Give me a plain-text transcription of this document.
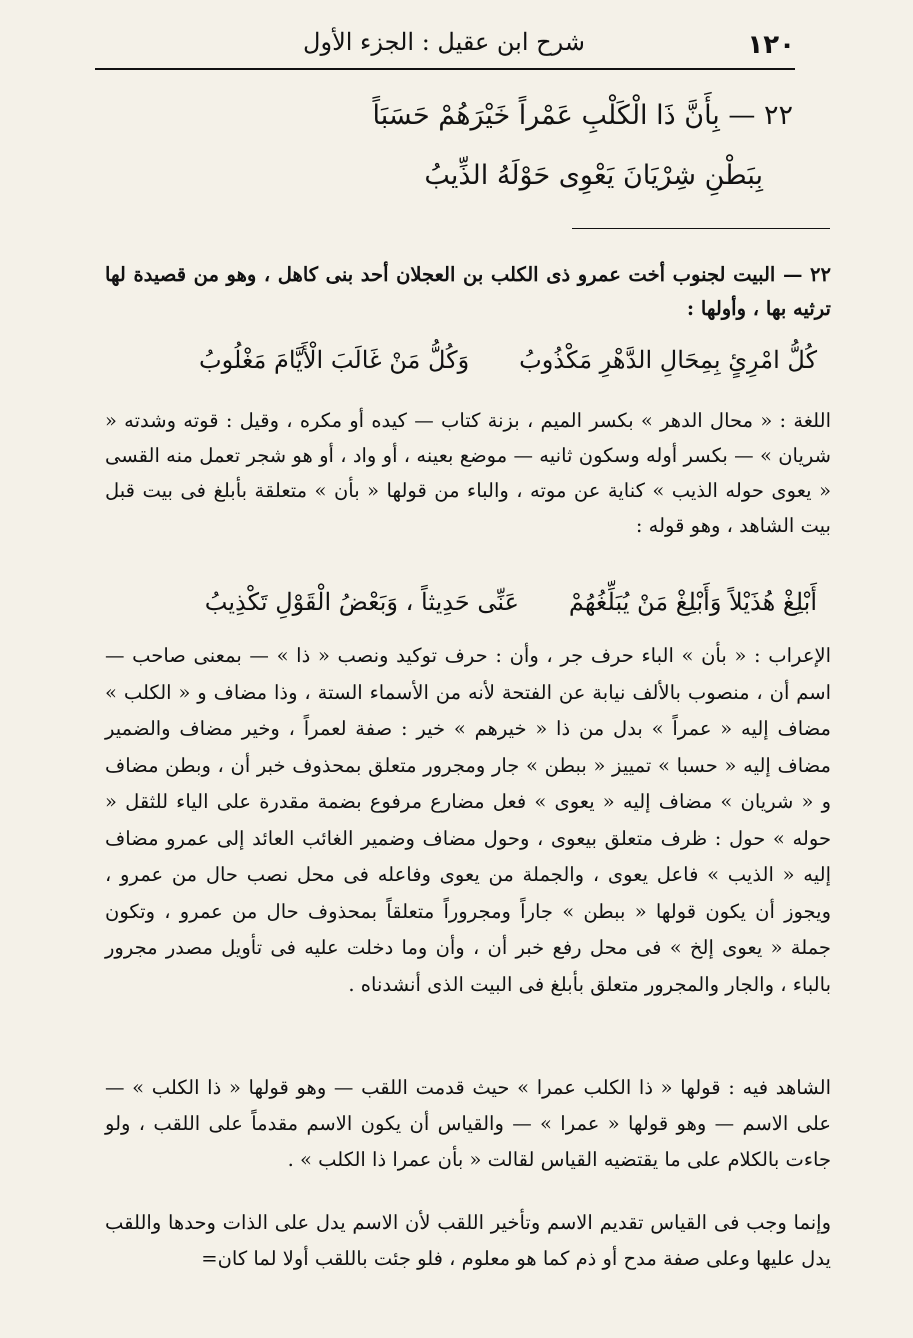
١٢٠
شرح ابن عقيل : الجزء الأول
٢٢ — بِأَنَّ ذَا الْكَلْبِ عَمْراً خَيْرَهُمْ حَسَبَاً
بِبَطْنِ شِرْيَانَ يَعْوِى حَوْلَهُ الذِّيبُ
٢٢ — البيت لجنوب أخت عمرو ذى الكلب بن العجلان أحد بنى كاهل ، وهو من قصيدة لها ترثيه بها ، وأولها :
كُلُّ امْرِئٍ بِمِحَالِ الدَّهْرِ مَكْذُوبُوَكُلُّ مَنْ غَالَبَ الْأَيَّامَ مَغْلُوبُ
اللغة : « محال الدهر » بكسر الميم ، بزنة كتاب — كيده أو مكره ، وقيل : قوته وشدته « شريان » — بكسر أوله وسكون ثانيه — موضع بعينه ، أو واد ، أو هو شجر تعمل منه القسى « يعوى حوله الذيب » كناية عن موته ، والباء من قولها « بأن » متعلقة بأبلغ فى بيت قبل بيت الشاهد ، وهو قوله :
أَبْلِغْ هُذَيْلاً وَأَبْلِغْ مَنْ يُبَلِّغُهُمْعَنِّى حَدِيثاً ، وَبَعْضُ الْقَوْلِ تَكْذِيبُ
الإعراب : « بأن » الباء حرف جر ، وأن : حرف توكيد ونصب « ذا » — بمعنى صاحب — اسم أن ، منصوب بالألف نيابة عن الفتحة لأنه من الأسماء الستة ، وذا مضاف و « الكلب » مضاف إليه « عمراً » بدل من ذا « خيرهم » خير : صفة لعمراً ، وخير مضاف والضمير مضاف إليه « حسبا » تمييز « ببطن » جار ومجرور متعلق بمحذوف خبر أن ، وبطن مضاف و « شريان » مضاف إليه « يعوى » فعل مضارع مرفوع بضمة مقدرة على الياء للثقل « حوله » حول : ظرف متعلق بيعوى ، وحول مضاف وضمير الغائب العائد إلى عمرو مضاف إليه « الذيب » فاعل يعوى ، والجملة من يعوى وفاعله فى محل نصب حال من عمرو ، ويجوز أن يكون قولها « ببطن » جاراً ومجروراً متعلقاً بمحذوف حال من عمرو ، وتكون جملة « يعوى إلخ » فى محل رفع خبر أن ، وأن وما دخلت عليه فى تأويل مصدر مجرور بالباء ، والجار والمجرور متعلق بأبلغ فى البيت الذى أنشدناه .
الشاهد فيه : قولها « ذا الكلب عمرا » حيث قدمت اللقب — وهو قولها « ذا الكلب » — على الاسم — وهو قولها « عمرا » — والقياس أن يكون الاسم مقدماً على اللقب ، ولو جاءت بالكلام على ما يقتضيه القياس لقالت « بأن عمرا ذا الكلب » .
وإنما وجب فى القياس تقديم الاسم وتأخير اللقب لأن الاسم يدل على الذات وحدها واللقب يدل عليها وعلى صفة مدح أو ذم كما هو معلوم ، فلو جئت باللقب أولا لما كان=
